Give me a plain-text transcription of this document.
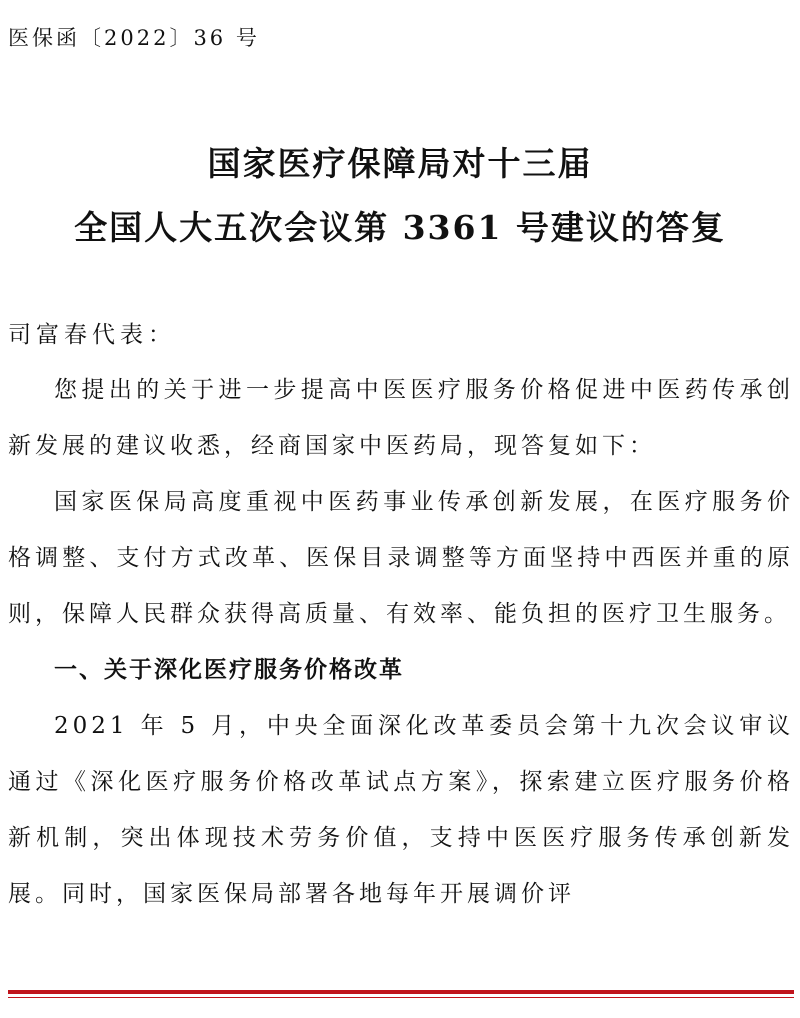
医保函〔2022〕36 号
国家医疗保障局对十三届
全国人大五次会议第 3361 号建议的答复
司富春代表：

您提出的关于进一步提高中医医疗服务价格促进中医药传承创新发展的建议收悉，经商国家中医药局，现答复如下：

国家医保局高度重视中医药事业传承创新发展，在医疗服务价格调整、支付方式改革、医保目录调整等方面坚持中西医并重的原则，保障人民群众获得高质量、有效率、能负担的医疗卫生服务。

一、关于深化医疗服务价格改革

2021 年 5 月，中央全面深化改革委员会第十九次会议审议通过《深化医疗服务价格改革试点方案》，探索建立医疗服务价格新机制，突出体现技术劳务价值，支持中医医疗服务传承创新发展。同时，国家医保局部署各地每年开展调价评
